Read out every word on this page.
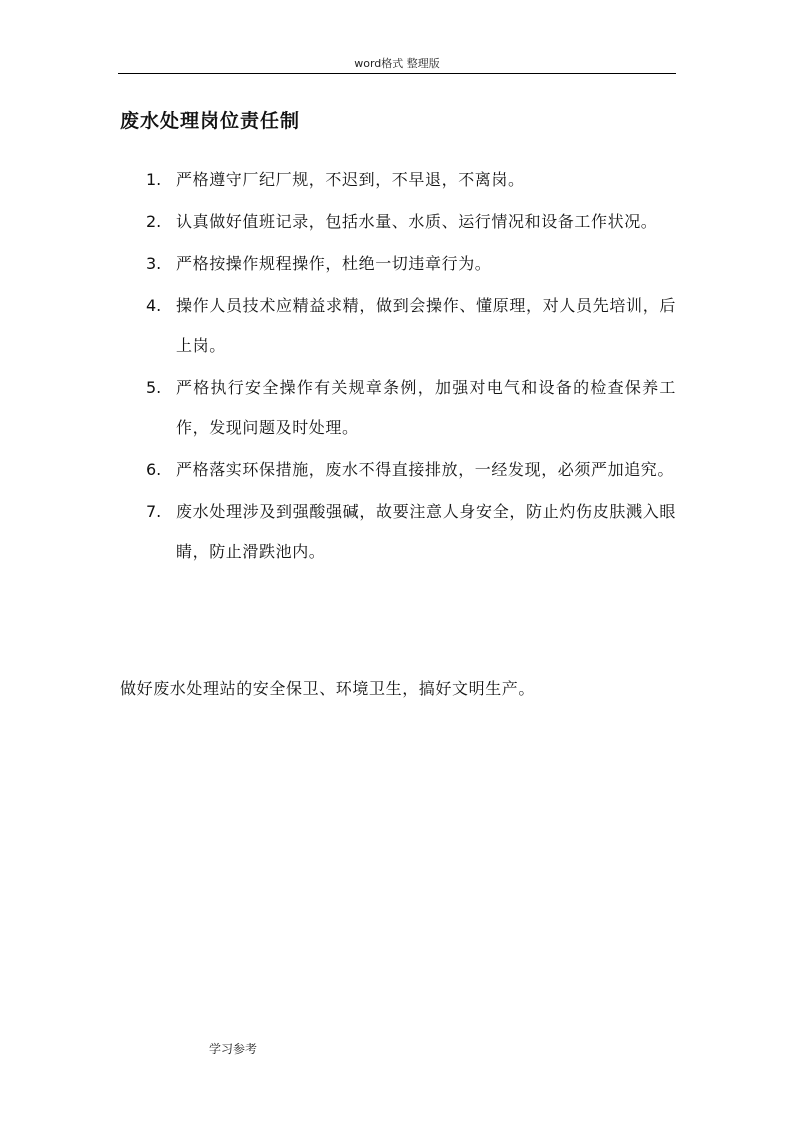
word格式 整理版
废水处理岗位责任制
1. 严格遵守厂纪厂规，不迟到，不早退，不离岗。
2. 认真做好值班记录，包括水量、水质、运行情况和设备工作状况。
3. 严格按操作规程操作，杜绝一切违章行为。
4. 操作人员技术应精益求精，做到会操作、懂原理，对人员先培训，后上岗。
5. 严格执行安全操作有关规章条例，加强对电气和设备的检查保养工作，发现问题及时处理。
6. 严格落实环保措施，废水不得直接排放，一经发现，必须严加追究。
7. 废水处理涉及到强酸强碱，故要注意人身安全，防止灼伤皮肤溅入眼睛，防止滑跌池内。
做好废水处理站的安全保卫、环境卫生，搞好文明生产。
学习参考
